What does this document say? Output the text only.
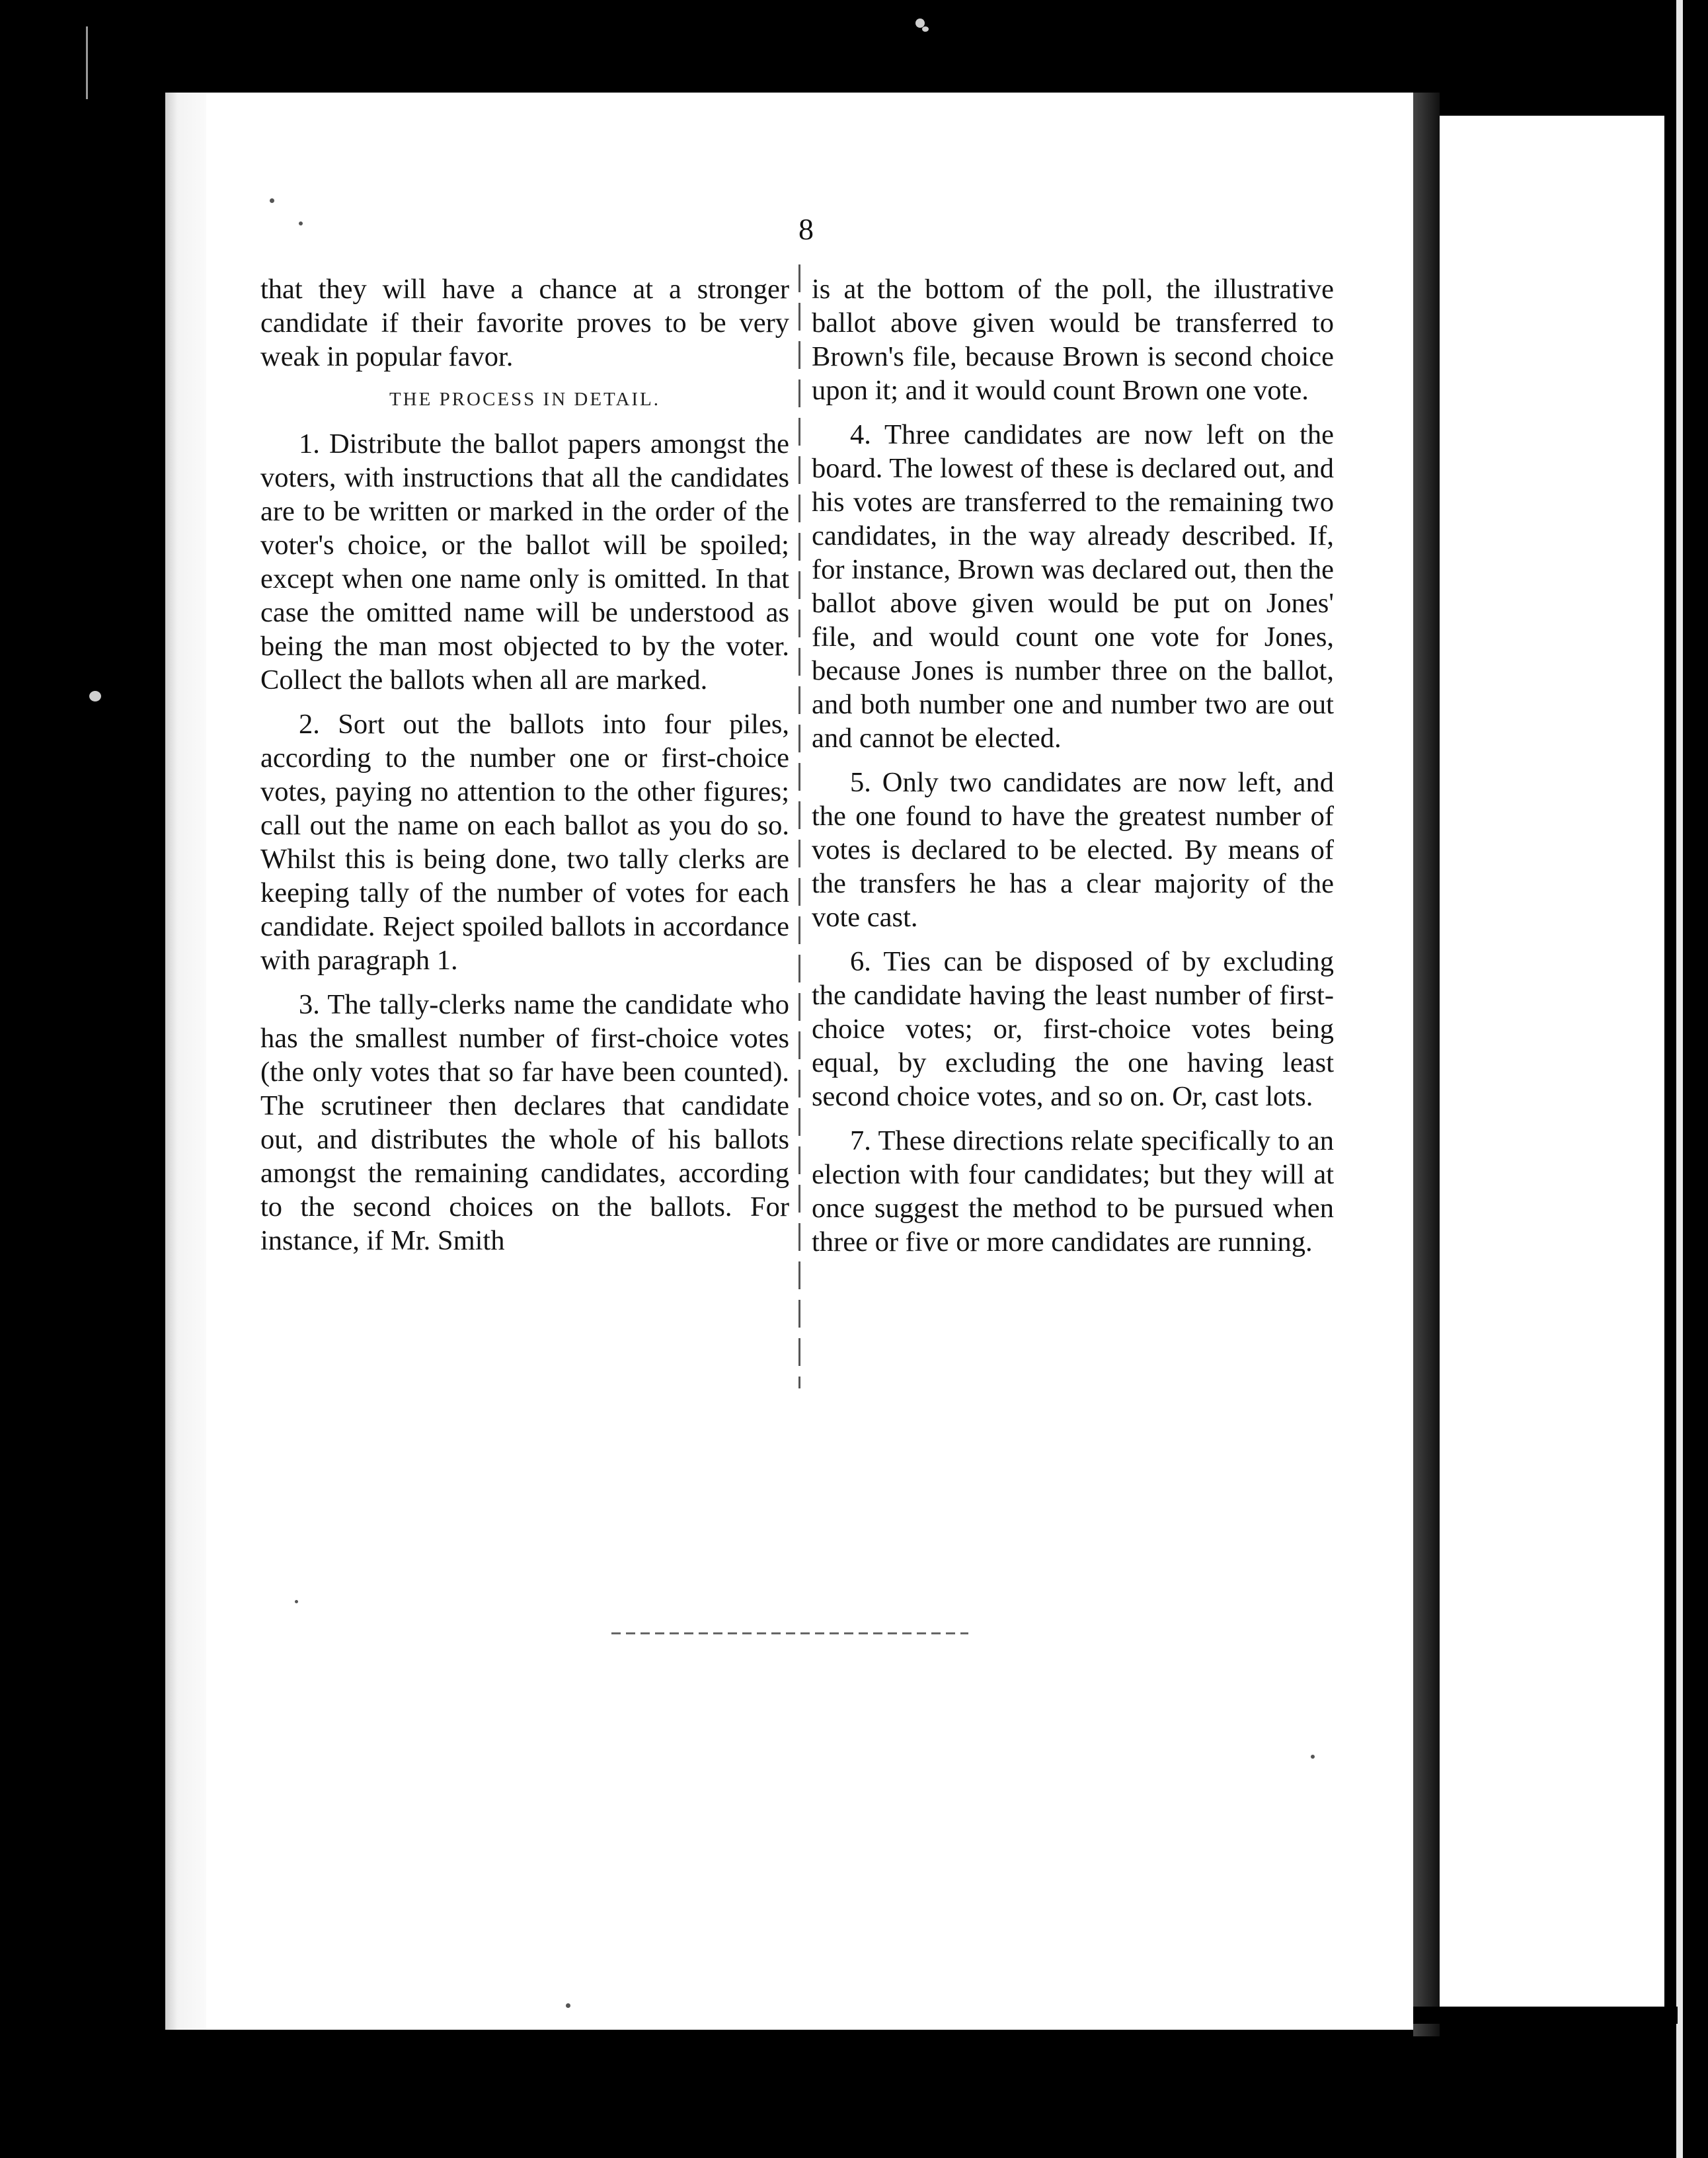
8

that they will have a chance at a stronger candidate if their favorite proves to be very weak in popular favor.

THE PROCESS IN DETAIL.

1. Distribute the ballot papers amongst the voters, with instructions that all the candidates are to be written or marked in the order of the voter's choice, or the ballot will be spoiled; except when one name only is omitted. In that case the omitted name will be understood as being the man most objected to by the voter. Collect the ballots when all are marked.

2. Sort out the ballots into four piles, according to the number one or first-choice votes, paying no attention to the other figures; call out the name on each ballot as you do so. Whilst this is being done, two tally clerks are keeping tally of the number of votes for each candidate. Reject spoiled ballots in accordance with paragraph 1.

3. The tally-clerks name the candidate who has the smallest number of first-choice votes (the only votes that so far have been counted). The scrutineer then declares that candidate out, and distributes the whole of his ballots amongst the remaining candidates, according to the second choices on the ballots. For instance, if Mr. Smith

is at the bottom of the poll, the illustrative ballot above given would be transferred to Brown's file, because Brown is second choice upon it; and it would count Brown one vote.

4. Three candidates are now left on the board. The lowest of these is declared out, and his votes are transferred to the remaining two candidates, in the way already described. If, for instance, Brown was declared out, then the ballot above given would be put on Jones' file, and would count one vote for Jones, because Jones is number three on the ballot, and both number one and number two are out and cannot be elected.

5. Only two candidates are now left, and the one found to have the greatest number of votes is declared to be elected. By means of the transfers he has a clear majority of the vote cast.

6. Ties can be disposed of by excluding the candidate having the least number of first-choice votes; or, first-choice votes being equal, by excluding the one having least second choice votes, and so on. Or, cast lots.

7. These directions relate specifically to an election with four candidates; but they will at once suggest the method to be pursued when three or five or more candidates are running.
